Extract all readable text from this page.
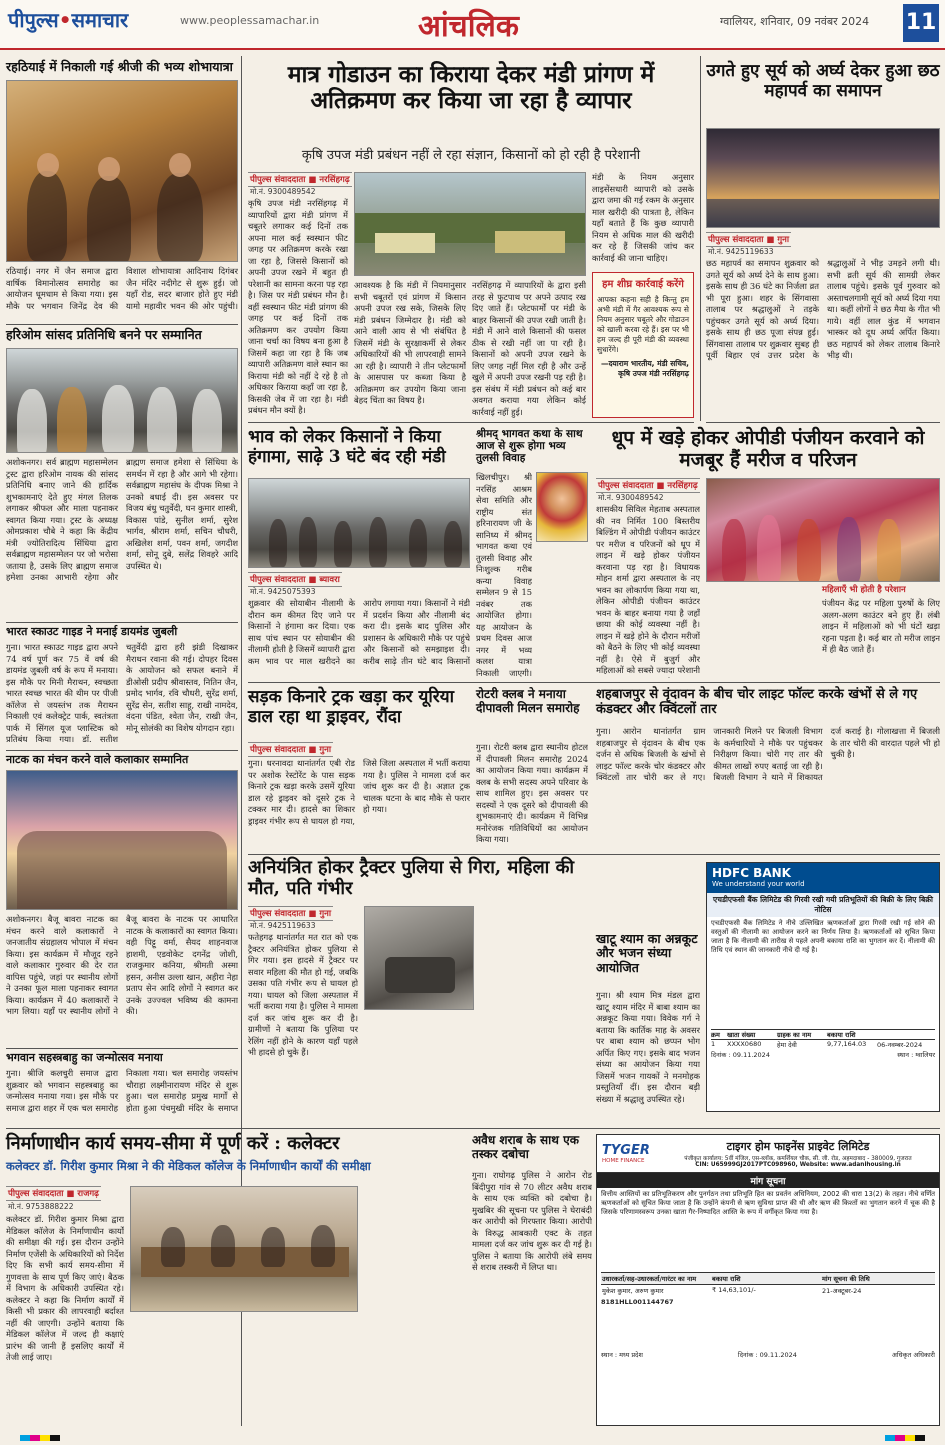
पीपुल्स•समाचार	www.peoplessamachar.in	आंचलिक	ग्वालियर, शनिवार, 09 नवंबर 2024 11
रहठियाई में निकाली गई श्रीजी की भव्य शोभायात्रा
रठियाई। नगर में जैन समाज द्वारा वार्षिक विमानोत्सव समारोह का आयोजन धूमधाम से किया गया। इस मौके पर भगवान जिनेंद्र देव की विशाल शोभायात्रा आदिनाथ दिगंबर जैन मंदिर नदीगेट से शुरू हुई। जो यहाँ रोड, सदर बाजार होते हुए मंडी यामो महावीर भवन की ओर पहुंची।
हरिओम सांसद प्रतिनिधि बनने पर सम्मानित
अशोकनगर। सर्व ब्राह्मण महासम्मेलन ट्रस्ट द्वारा हरिओम नायक की सांसद प्रतिनिधि बनाए जाने की हार्दिक शुभकामनाएं देते हुए मंगल तिलक लगाकर श्रीफल और माला पहनाकर स्वागत किया गया। ट्रस्ट के अध्यक्ष ओमप्रकाश चौबे ने कहा कि केंद्रीय मंत्री ज्योतिरादित्य सिंधिया द्वारा सर्वब्राह्मण महासम्मेलन पर जो भरोसा जताया है, उसके लिए ब्राह्मण समाज हमेशा उनका आभारी रहेगा और ब्राह्मण समाज हमेशा से सिंधिया के समर्थन में रहा है और आगे भी रहेगा। सर्वब्राह्मण महासंघ के दीपक मिश्रा ने उनको बधाई दी। इस अवसर पर विजय बंधु चतुर्वेदी, घन कुमार शास्त्री, विकास पांडे, सुनील शर्मा, सुरेश भार्गव, श्रीराम शर्मा, सचिन चौधरी, अखिलेश शर्मा, पवन शर्मा, जगदीश शर्मा, सोनू दुबे, सलेंद्र शिवहरे आदि उपस्थित थे।
भारत स्काउट गाइड ने मनाई डायमंड जुबली
गुना। भारत स्काउट गाइड द्वारा अपने 74 वर्ष पूर्ण कर 75 वें वर्ष की डायमंड जुबली वर्ष के रूप में मनाया। इस मौके पर मिनी मैराथन, स्वच्छता भारत स्वच्छ भारत की थीम पर पीजी कॉलेज से जयस्तंभ तक मैराथन निकाली एवं कलेक्ट्रेट पार्क, स्वतंत्रता पार्क में सिंगल यूज प्लास्टिक को प्रतिबंध किया गया। डॉ. सतीश चतुर्वेदी द्वारा हरी झंडी दिखाकर मैराथन रवाना की गई। दोपहर दिवस के आयोजन को सफल बनाने में डीओसी प्रदीप श्रीवास्तव, नितिन जैन, प्रमोद भार्गव, रवि चौधरी, सुरेंद्र शर्मा, सुरेंद्र सेन, सतीश साहू, राखी नामदेव, वंदना पंडित, श्वेता जैन, राखी जैन, मोनू सोलंकी का विशेष योगदान रहा।
नाटक का मंचन करने वाले कलाकार सम्मानित
अशोकनगर। बैजू बावरा नाटक का मंचन करने वाले कलाकारों ने जनजातीय संग्रहालय भोपाल में मंचन किया। इस कार्यक्रम में मौजूद रहने वाले कलाकार गुरुवार की देर रात वापिस पहुंचे, जहां पर स्थानीय लोगों ने उनका फूल माला पहनाकर स्वागत किया। कार्यक्रम में 40 कलाकारों ने भाग लिया। यहाँ पर स्थानीय लोगों ने बैजू बावरा के नाटक पर आधारित नाटक के कलाकारों का स्वागत किया। वही पिट्टू वर्मा, सैयद शाहनवाज हाशमी, एडवोकेट दगनेंद्र जोशी, राजकुमार कनिया, श्रीमती अस्मा हसन, अनीस उल्ला खान, अहीरा नेहा प्रताप सेन आदि लोगों ने स्वागत कर उनके उज्ज्वल भविष्य की कामना की।
भगवान सहस्त्रबाहु का जन्मोत्सव मनाया
गुना। श्रीजि कलचुरी समाज द्वारा शुक्रवार को भगवान सहस्त्रबाहु का जन्मोत्सव मनाया गया। इस मौके पर समाज द्वारा शहर में एक चल समारोह निकाला गया। चल समारोह जयस्तंभ चौराहा लक्ष्मीनारायण मंदिर से शुरू हुआ। चल समारोह प्रमुख मार्गों से होता हुआ पंचमुखी मंदिर के समाप्त
मात्र गोडाउन का किराया देकर मंडी प्रांगण में अतिक्रमण कर किया जा रहा है व्यापार
कृषि उपज मंडी प्रबंधन नहीं ले रहा संज्ञान, किसानों को हो रही है परेशानी
पीपुल्स संवाददाता ■ नरसिंहगढ़
मो.नं. 9300489542
कृषि उपज मंडी नरसिंहगढ़ में व्यापारियों द्वारा मंडी प्रांगण में चबूतरे लगाकर कई दिनों तक अपना माल कई स्वस्थान फीट जगह पर अतिक्रमण करके रखा जा रहा है, जिससे किसानों को अपनी उपज रखने में बहुत ही परेशानी का सामना करना पड़ रहा है। जिस पर मंडी प्रबंधन मौन है। वहीं स्वस्थान फीट मंडी प्रांगण की जगह पर कई दिनों तक अतिक्रमण कर उपयोग किया जाना चर्चा का विषय बना हुआ है जिसमें कहा जा रहा है कि जब व्यापारी अतिक्रमण वाले स्थान का किराया मंडी को नहीं दे रहे है तो अधिकार किराया कहाँ जा रहा है, किसकी जेब में जा रहा है। मंडी प्रबंधन मौन क्यों है।
आवश्यक है कि मंडी में नियमानुसार सभी चबूतरों एवं प्रांगण में किसान अपनी उपज रख सके, जिसके लिए मंडी प्रबंधन जिम्मेदार है। मंडी को आने वाली आय से भी संबंधित है जिसमें मंडी के सुरक्षाकर्मी से लेकर अधिकारियों की भी लापरवाही सामने आ रही है। व्यापारी ने तीन प्लेटफार्मों के आसपास पर कब्जा किया है अतिक्रमण कर उपयोग किया जाना बेहद चिंता का विषय है।
नरसिंहगढ़ में व्यापारियों के द्वारा इसी तरह से फुटपाथ पर अपने उत्पाद रख दिए जाते हैं। प्लेटफार्मों पर मंडी के बाहर किसानों की उपज रखी जाती है। मंडी में आने वाले किसानों की फसल ठीक से रखी नहीं जा पा रही है। किसानों को अपनी उपज रखने के लिए जगह नहीं मिल रही है और उन्हें खुले में अपनी उपज रखनी पड़ रही है। इस संबंध में मंडी प्रबंधन को कई बार अवगत कराया गया लेकिन कोई कार्रवाई नहीं हुई।
मंडी के नियम अनुसार लाइसेंसधारी व्यापारी को उसके द्वारा जमा की गई रकम के अनुसार माल खरीदी की पात्रता है, लेकिन यहाँ बताते हैं कि कुछ व्यापारी नियम से अधिक माल की खरीदी कर रहे हैं जिसकी जांच कर कार्रवाई की जाना चाहिए।
हम शीघ्र कार्रवाई करेंगे
आपका कहना सही है किन्तु हम अभी मंडी में गैर आवश्यक रूप से नियम अनुसार चबूतरे और गोडाउन को खाली करवा रहे हैं। इस पर भी हम जल्द ही पूरी मंडी की व्यवस्था सुधारेंगे।
—दयाराम भारतीय, मंडी सचिव, कृषि उपज मंडी नरसिंहगढ़
उगते हुए सूर्य को अर्घ्य देकर हुआ छठ महापर्व का समापन
पीपुल्स संवाददाता ■ गुना
मो.नं. 9425119633
छठ महापर्व का समापन शुक्रवार को उगते सूर्य को अर्घ्य देने के साथ हुआ। इसके साथ ही 36 घंटे का निर्जला व्रत भी पूरा हुआ। शहर के सिंगवासा तालाब पर श्रद्धालुओं ने तड़के पहुंचकर उगते सूर्य को अर्घ्य दिया। इसके साथ ही छठ पूजा संपन्न हुई। सिंगवासा तालाब पर शुक्रवार सुबह ही पूर्वी बिहार एवं उत्तर प्रदेश के श्रद्धालुओं ने भीड़ उमड़ने लगी थी। सभी व्रती सूर्य की सामग्री लेकर तालाब पहुंचे। इसके पूर्व गुरुवार को अस्ताचलगामी सूर्य को अर्घ्य दिया गया था। कहीं लोगों ने छठ मैया के गीत भी गाये। वहीं लाल कुंड में भगवान भास्कर को दूध अर्घ्य अर्पित किया। छठ महापर्व को लेकर तालाब किनारे भीड़ थी।
भाव को लेकर किसानों ने किया हंगामा, साढ़े 3 घंटे बंद रही मंडी
पीपुल्स संवाददाता ■ ब्यावरा
मो.नं. 9425075393
शुक्रवार की सोयाबीन नीलामी के दौरान कम कीमत दिए जाने पर किसानों ने हंगामा कर दिया। एक साथ पांच स्थान पर सोयाबीन की नीलामी होती है जिसमें व्यापारी द्वारा कम भाव पर माल खरीदने का आरोप लगाया गया। किसानों ने मंडी में प्रदर्शन किया और नीलामी बंद करा दी। इसके बाद पुलिस और प्रशासन के अधिकारी मौके पर पहुंचे और किसानों को समझाइश दी। करीब साढ़े तीन घंटे बाद किसानों
श्रीमद् भागवत कथा के साथ आज से शुरू होगा भव्य तुलसी विवाह
खिलचीपुर। श्री नरसिंह आश्रम सेवा समिति और राष्ट्रीय संत हरिनारायण जी के सानिध्य में श्रीमद् भागवत कथा एवं तुलसी विवाह और निःशुल्क गरीब कन्या विवाह सम्मेलन 9 से 15 नवंबर तक आयोजित होगा। यह आयोजन के प्रथम दिवस आज नगर में भव्य कलश यात्रा निकाली जाएगी।
धूप में खड़े होकर ओपीडी पंजीयन करवाने को मजबूर हैं मरीज व परिजन
पीपुल्स संवाददाता ■ नरसिंहगढ़
मो.नं. 9300489542
शासकीय सिविल मेहताब अस्पताल की नव निर्मित 100 बिस्तरीय बिल्डिंग में ओपीडी पंजीयन काउंटर पर मरीज व परिजनों को धूप में लाइन में खड़े होकर पंजीयन करवाना पड़ रहा है। विधायक मोहन शर्मा द्वारा अस्पताल के नए भवन का लोकार्पण किया गया था, लेकिन ओपीडी पंजीयन काउंटर भवन के बाहर बनाया गया है जहाँ छाया की कोई व्यवस्था नहीं है। लाइन में खड़े होने के दौरान मरीजों को बैठने के लिए भी कोई व्यवस्था नहीं है। ऐसे में बुजुर्ग और महिलाओं को सबसे ज्यादा परेशानी
महिलाएँ भी होती है परेशान
पंजीयन केंद्र पर महिला पुरुषों के लिए अलग-अलग काउंटर बने हुए हैं। लंबी लाइन में महिलाओं को भी घंटों खड़ा रहना पड़ता है। कई बार तो मरीज लाइन में ही बैठ जाते हैं।
सड़क किनारे ट्रक खड़ा कर यूरिया डाल रहा था ड्राइवर, रौंदा
पीपुल्स संवाददाता ■ गुना
गुना। धरनावदा थानांतर्गत एबी रोड पर अशोक रेस्टोरेंट के पास सड़क किनारे ट्रक खड़ा करके उसमें यूरिया डाल रहे ड्राइवर को दूसरे ट्रक ने टक्कर मार दी। हादसे का शिकार ड्राइवर गंभीर रूप से घायल हो गया, जिसे जिला अस्पताल में भर्ती कराया गया है। पुलिस ने मामला दर्ज कर जांच शुरू कर दी है। अज्ञात ट्रक चालक घटना के बाद मौके से फरार हो गया।
रोटरी क्लब ने मनाया दीपावली मिलन समारोह
गुना। रोटरी क्लब द्वारा स्थानीय होटल में दीपावली मिलन समारोह 2024 का आयोजन किया गया। कार्यक्रम में क्लब के सभी सदस्य अपने परिवार के साथ शामिल हुए। इस अवसर पर सदस्यों ने एक दूसरे को दीपावली की शुभकामनाएं दी। कार्यक्रम में विभिन्न मनोरंजक गतिविधियों का आयोजन किया गया।
शहबाजपुर से वृंदावन के बीच चोर लाइट फॉल्ट करके खंभों से ले गए कंडक्टर और क्विंटलों तार
गुना। आरोन थानांतर्गत ग्राम शहबाजपुर से वृंदावन के बीच एक दर्जन से अधिक बिजली के खंभों से लाइट फॉल्ट करके चोर कंडक्टर और क्विंटलों तार चोरी कर ले गए। जानकारी मिलने पर बिजली विभाग के कर्मचारियों ने मौके पर पहुंचकर निरीक्षण किया। चोरी गए तार की कीमत लाखों रुपए बताई जा रही है। बिजली विभाग ने थाने में शिकायत दर्ज कराई है। गोलाखत्ता में बिजली के तार चोरी की वारदात पहले भी हो चुकी है।
अनियंत्रित होकर ट्रैक्टर पुलिया से गिरा, महिला की मौत, पति गंभीर
पीपुल्स संवाददाता ■ गुना
मो.नं. 9425119633
फतेहगढ़ थानांतर्गत मत रात को एक ट्रैक्टर अनियंत्रित होकर पुलिया से गिर गया। इस हादसे में ट्रैक्टर पर सवार महिला की मौत हो गई, जबकि उसका पति गंभीर रूप से घायल हो गया। घायल को जिला अस्पताल में भर्ती कराया गया है। पुलिस ने मामला दर्ज कर जांच शुरू कर दी है। ग्रामीणों ने बताया कि पुलिया पर रेलिंग नहीं होने के कारण यहाँ पहले भी हादसे हो चुके हैं।
खाटू श्याम का अन्नकूट और भजन संध्या आयोजित
गुना। श्री श्याम मित्र मंडल द्वारा खाटू श्याम मंदिर में बाबा श्याम का अन्नकूट किया गया। विवेक गर्ग ने बताया कि कार्तिक माह के अवसर पर बाबा श्याम को छप्पन भोग अर्पित किए गए। इसके बाद भजन संध्या का आयोजन किया गया जिसमें भजन गायकों ने मनमोहक प्रस्तुतियाँ दीं। इस दौरान बड़ी संख्या में श्रद्धालु उपस्थित रहे।
HDFC BANK
We understand your world
एचडीएफसी बैंक लिमिटेड की गिरवी रखी गयी प्रतिभूतियों की बिक्री के लिए बिक्री नोटिस
एचडीएफसी बैंक लिमिटेड ने नीचे उल्लिखित ऋणकर्ताओं द्वारा गिरवी रखी गई सोने की वस्तुओं की नीलामी का आयोजन करने का निर्णय लिया है। ऋणकर्ताओं को सूचित किया जाता है कि नीलामी की तारीख से पहले अपनी बकाया राशि का भुगतान कर दें। नीलामी की तिथि एवं स्थान की जानकारी नीचे दी गई है।
क्रम	खाता संख्या	ग्राहक का नाम	बकाया राशि
1	XXXX0680	हेमा देवी	9,77,164.03	06-नवम्बर-2024
दिनांक : 09.11.2024	स्थान : ग्वालियर
निर्माणाधीन कार्य समय-सीमा में पूर्ण करें : कलेक्टर
कलेक्टर डॉ. गिरीश कुमार मिश्रा ने की मेडिकल कॉलेज के निर्माणाधीन कार्यों की समीक्षा
पीपुल्स संवाददाता ■ राजगढ़
मो.नं. 9753888222
कलेक्टर डॉ. गिरीश कुमार मिश्रा द्वारा मेडिकल कॉलेज के निर्माणाधीन कार्यों की समीक्षा की गई। इस दौरान उन्होंने निर्माण एजेंसी के अधिकारियों को निर्देश दिए कि सभी कार्य समय-सीमा में गुणवत्ता के साथ पूर्ण किए जाएं। बैठक में विभाग के अधिकारी उपस्थित रहे। कलेक्टर ने कहा कि निर्माण कार्यों में किसी भी प्रकार की लापरवाही बर्दाश्त नहीं की जाएगी। उन्होंने बताया कि मेडिकल कॉलेज में जल्द ही कक्षाएं प्रारंभ की जानी हैं इसलिए कार्यों में तेजी लाई जाए।
अवैध शराब के साथ एक तस्कर दबोचा
गुना। राघोगढ़ पुलिस ने आरोन रोड बिंदीपुरा गांव से 70 लीटर अवैध शराब के साथ एक व्यक्ति को दबोचा है। मुखबिर की सूचना पर पुलिस ने घेराबंदी कर आरोपी को गिरफ्तार किया। आरोपी के विरुद्ध आबकारी एक्ट के तहत मामला दर्ज कर जांच शुरू कर दी गई है। पुलिस ने बताया कि आरोपी लंबे समय से शराब तस्करी में लिप्त था।
TYGER
HOME FINANCE
टाइगर होम फाइनेंस प्राइवेट लिमिटेड
पंजीकृत कार्यालय: 5वीं मंजिल, एस-ब्लॉक, कमर्शियल चौक, सी. जी. रोड, अहमदाबाद - 380009, गुजरात
CIN: U65999GJ2017PTC098960, Website: www.adanihousing.in
मांग सूचना
वित्तीय आस्तियों का प्रतिभूतिकरण और पुनर्गठन तथा प्रतिभूति हित का प्रवर्तन अधिनियम, 2002 की धारा 13(2) के तहत। नीचे वर्णित ऋणकर्ताओं को सूचित किया जाता है कि उन्होंने कंपनी से ऋण सुविधा प्राप्त की थी और ऋण की किश्तों का भुगतान करने में चूक की है जिसके परिणामस्वरूप उनका खाता गैर-निष्पादित आस्ति के रूप में वर्गीकृत किया गया है।
उधारकर्ता/सह-उधारकर्ता/गारंटर का नाम	बकाया राशि	मांग सूचना की तिथि
मुकेश कुमार, अरुण कुमार	₹ 14,63,101/-	21-अक्टूबर-24
8181HLL001144767
स्थान : मध्य प्रदेश	दिनांक : 09.11.2024	अधिकृत अधिकारी
